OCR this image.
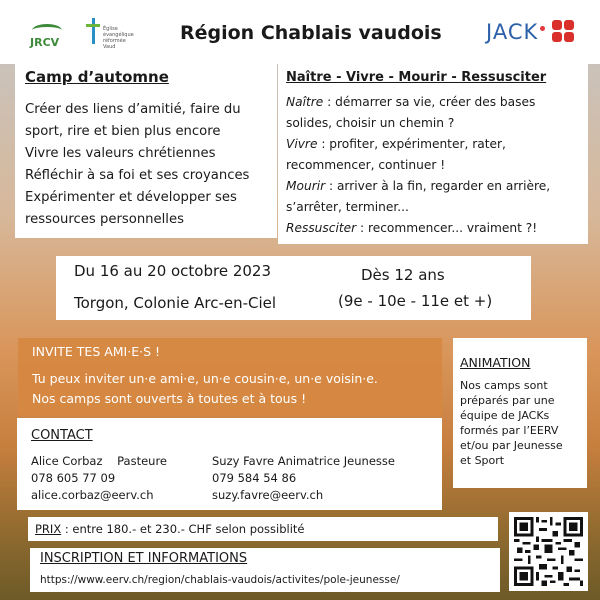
JRCV
Église
évangélique
réformée
Vaud
Région Chablais vaudois JACK
Camp d’automne
Créer des liens d’amitié, faire du
sport, rire et bien plus encore
Vivre les valeurs chrétiennes
Réfléchir à sa foi et ses croyances
Expérimenter et développer ses
ressources personnelles
Naître - Vivre - Mourir - Ressusciter
Naître : démarrer sa vie, créer des bases
solides, choisir un chemin ?
Vivre : profiter, expérimenter, rater,
recommencer, continuer !
Mourir : arriver à la fin, regarder en arrière,
s’arrêter, terminer...
Ressusciter : recommencer... vraiment ?!
Du 16 au 20 octobre 2023
Torgon, Colonie Arc-en-Ciel
Dès 12 ans
(9e - 10e - 11e et +)
INVITE TES AMI·E·S !
Tu peux inviter un·e ami·e, un·e cousin·e, un·e voisin·e.
Nos camps sont ouverts à toutes et à tous !
ANIMATION
Nos camps sont
préparés par une
équipe de JACKs
formés par l’EERV
et/ou par Jeunesse
et Sport
CONTACT
Alice Corbaz Pasteure
078 605 77 09
alice.corbaz@eerv.ch
Suzy Favre Animatrice Jeunesse
079 584 54 86
suzy.favre@eerv.ch
PRIX : entre 180.- et 230.- CHF selon possiblité
INSCRIPTION ET INFORMATIONS
https://www.eerv.ch/region/chablais-vaudois/activites/pole-jeunesse/
